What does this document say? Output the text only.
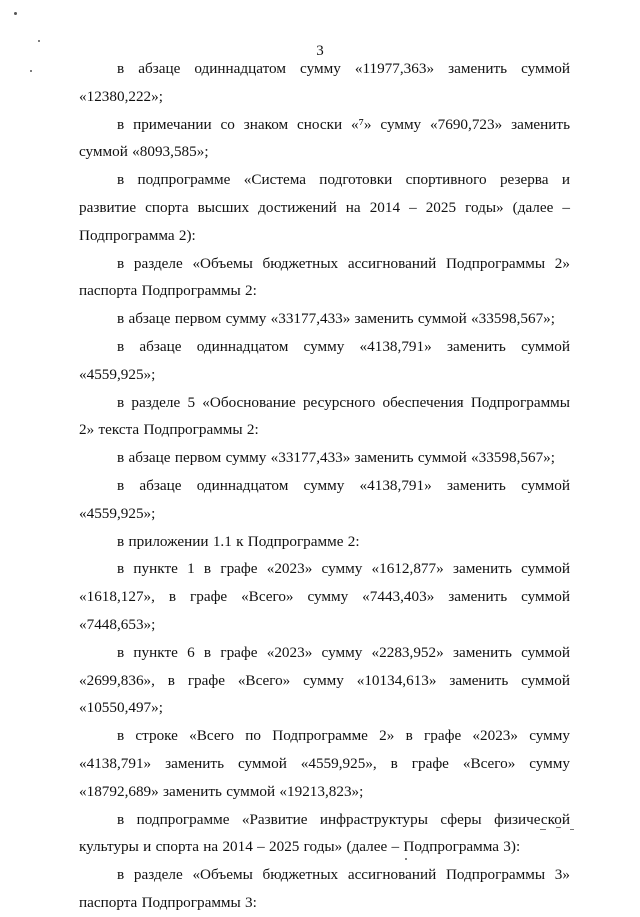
3

в абзаце одиннадцатом сумму «11977,363» заменить суммой «12380,222»;

в примечании со знаком сноски «⁷» сумму «7690,723» заменить суммой «8093,585»;

в подпрограмме «Система подготовки спортивного резерва и развитие спорта высших достижений на 2014 – 2025 годы» (далее – Подпрограмма 2):

в разделе «Объемы бюджетных ассигнований Подпрограммы 2» паспорта Подпрограммы 2:

в абзаце первом сумму «33177,433» заменить суммой «33598,567»;

в абзаце одиннадцатом сумму «4138,791» заменить суммой «4559,925»;

в разделе 5 «Обоснование ресурсного обеспечения Подпрограммы 2» текста Подпрограммы 2:

в абзаце первом сумму «33177,433» заменить суммой «33598,567»;

в абзаце одиннадцатом сумму «4138,791» заменить суммой «4559,925»;

в приложении 1.1 к Подпрограмме 2:

в пункте 1 в графе «2023» сумму «1612,877» заменить суммой «1618,127», в графе «Всего» сумму «7443,403» заменить суммой «7448,653»;

в пункте 6 в графе «2023» сумму «2283,952» заменить суммой «2699,836», в графе «Всего» сумму «10134,613» заменить суммой «10550,497»;

в строке «Всего по Подпрограмме 2» в графе «2023» сумму «4138,791» заменить суммой «4559,925», в графе «Всего» сумму «18792,689» заменить суммой «19213,823»;

в подпрограмме «Развитие инфраструктуры сферы физической культуры и спорта на 2014 – 2025 годы» (далее – Подпрограмма 3):

в разделе «Объемы бюджетных ассигнований Подпрограммы 3» паспорта Подпрограммы 3:
